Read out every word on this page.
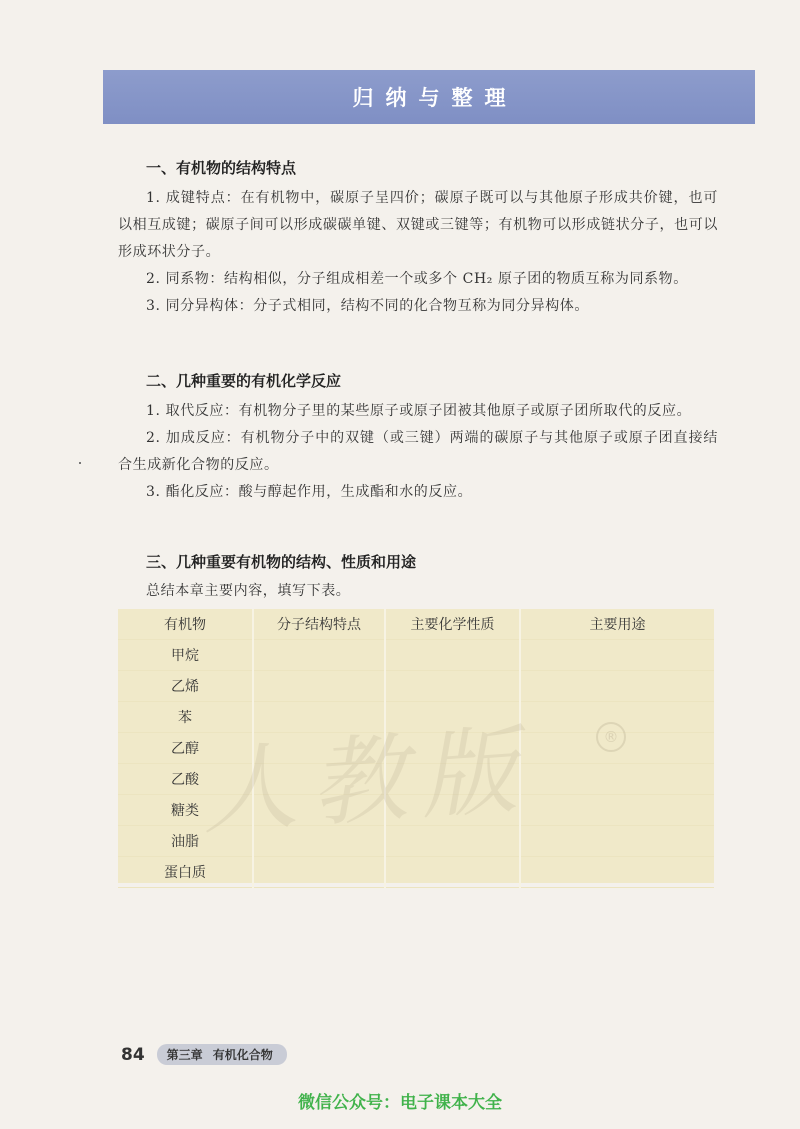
归纳与整理
一、有机物的结构特点

1. 成键特点：在有机物中，碳原子呈四价；碳原子既可以与其他原子形成共价键，也可以相互成键；碳原子间可以形成碳碳单键、双键或三键等；有机物可以形成链状分子，也可以形成环状分子。

2. 同系物：结构相似，分子组成相差一个或多个 CH₂ 原子团的物质互称为同系物。

3. 同分异构体：分子式相同，结构不同的化合物互称为同分异构体。

二、几种重要的有机化学反应

1. 取代反应：有机物分子里的某些原子或原子团被其他原子或原子团所取代的反应。

2. 加成反应：有机物分子中的双键（或三键）两端的碳原子与其他原子或原子团直接结合生成新化合物的反应。

3. 酯化反应：酸与醇起作用，生成酯和水的反应。

三、几种重要有机物的结构、性质和用途

总结本章主要内容，填写下表。

有机物	分子结构特点	主要化学性质	主要用途
甲烷			
乙烯			
苯			
乙醇			
乙酸			
糖类			
油脂			
蛋白质			
人教版	®
84 第三章 有机化合物
微信公众号：电子课本大全
